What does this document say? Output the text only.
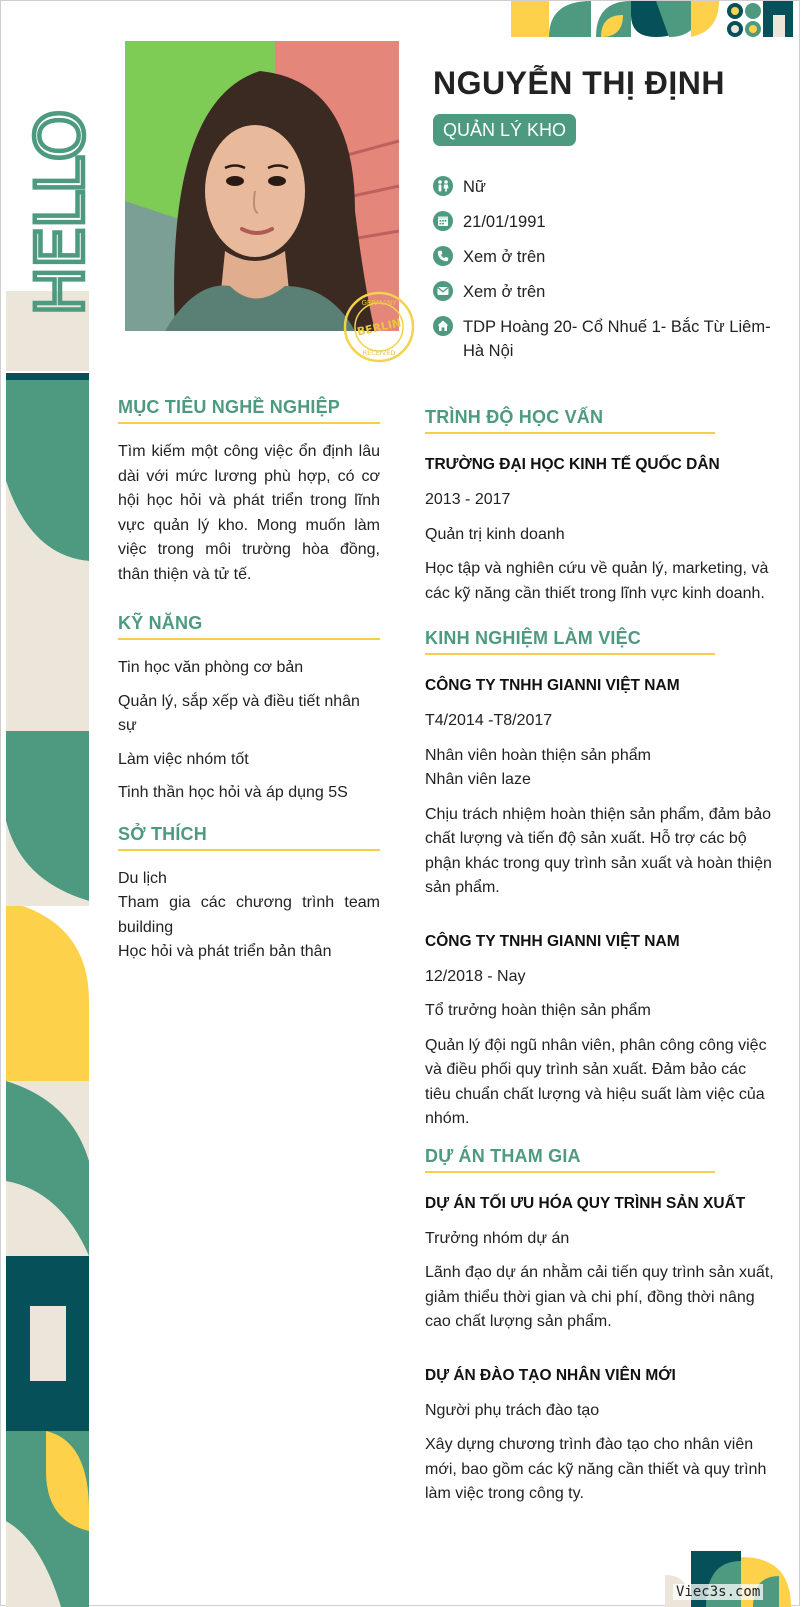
HELLO	GERMANY
BERLIN
RECEIVED
NGUYỄN THỊ ĐỊNH
QUẢN LÝ KHO
Nữ
21/01/1991
Xem ở trên
Xem ở trên
TDP Hoàng 20- Cổ Nhuế 1- Bắc Từ Liêm- Hà Nội
MỤC TIÊU NGHỀ NGHIỆP
Tìm kiếm một công việc ổn định lâu dài với mức lương phù hợp, có cơ hội học hỏi và phát triển trong lĩnh vực quản lý kho. Mong muốn làm việc trong môi trường hòa đồng, thân thiện và tử tế.
KỸ NĂNG
Tin học văn phòng cơ bản
Quản lý, sắp xếp và điều tiết nhân sự
Làm việc nhóm tốt
Tinh thần học hỏi và áp dụng 5S
SỞ THÍCH
Du lịch
Tham gia các chương trình team building
Học hỏi và phát triển bản thân
TRÌNH ĐỘ HỌC VẤN
TRƯỜNG ĐẠI HỌC KINH TẾ QUỐC DÂN
2013 - 2017
Quản trị kinh doanh
Học tập và nghiên cứu về quản lý, marketing, và các kỹ năng cần thiết trong lĩnh vực kinh doanh.
KINH NGHIỆM LÀM VIỆC
CÔNG TY TNHH GIANNI VIỆT NAM
T4/2014 -T8/2017
Nhân viên hoàn thiện sản phẩm
Nhân viên laze
Chịu trách nhiệm hoàn thiện sản phẩm, đảm bảo chất lượng và tiến độ sản xuất. Hỗ trợ các bộ phận khác trong quy trình sản xuất và hoàn thiện sản phẩm.
CÔNG TY TNHH GIANNI VIỆT NAM
12/2018 - Nay
Tổ trưởng hoàn thiện sản phẩm
Quản lý đội ngũ nhân viên, phân công công việc và điều phối quy trình sản xuất. Đảm bảo các tiêu chuẩn chất lượng và hiệu suất làm việc của nhóm.
DỰ ÁN THAM GIA
DỰ ÁN TỐI ƯU HÓA QUY TRÌNH SẢN XUẤT
Trưởng nhóm dự án
Lãnh đạo dự án nhằm cải tiến quy trình sản xuất, giảm thiểu thời gian và chi phí, đồng thời nâng cao chất lượng sản phẩm.
DỰ ÁN ĐÀO TẠO NHÂN VIÊN MỚI
Người phụ trách đào tạo
Xây dựng chương trình đào tạo cho nhân viên mới, bao gồm các kỹ năng cần thiết và quy trình làm việc trong công ty.
Viec3s.com
